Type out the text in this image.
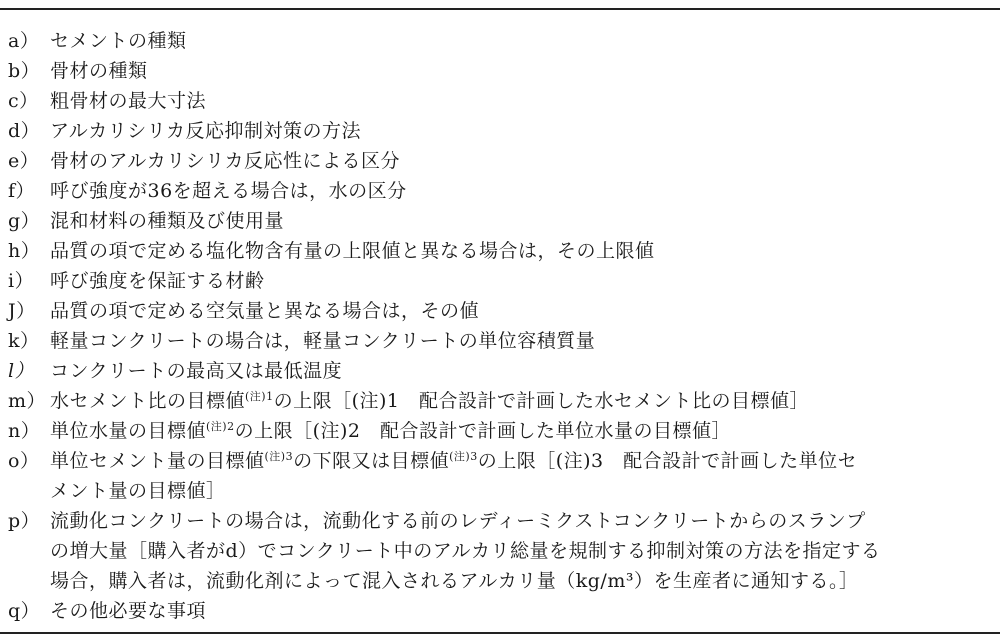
a） セメントの種類
b） 骨材の種類
c） 粗骨材の最大寸法
d） アルカリシリカ反応抑制対策の方法
e） 骨材のアルカリシリカ反応性による区分
f） 呼び強度が36を超える場合は，水の区分
g） 混和材料の種類及び使用量
h） 品質の項で定める塩化物含有量の上限値と異なる場合は，その上限値
i） 呼び強度を保証する材齢
J） 品質の項で定める空気量と異なる場合は，その値
k） 軽量コンクリートの場合は，軽量コンクリートの単位容積質量
l） コンクリートの最高又は最低温度
m） 水セメント比の目標値$^{(注)1}$の上限［(注)1　配合設計で計画した水セメント比の目標値］
n） 単位水量の目標値$^{(注)2}$の上限［(注)2　配合設計で計画した単位水量の目標値］
o） 単位セメント量の目標値$^{(注)3}$の下限又は目標値$^{(注)3}$の上限［(注)3　配合設計で計画した単位セ
メント量の目標値］
p） 流動化コンクリートの場合は，流動化する前のレディーミクストコンクリートからのスランプ
の増大量［購入者がd）でコンクリート中のアルカリ総量を規制する抑制対策の方法を指定する
場合，購入者は，流動化剤によって混入されるアルカリ量（kg/m³）を生産者に通知する。］
q） その他必要な事項
